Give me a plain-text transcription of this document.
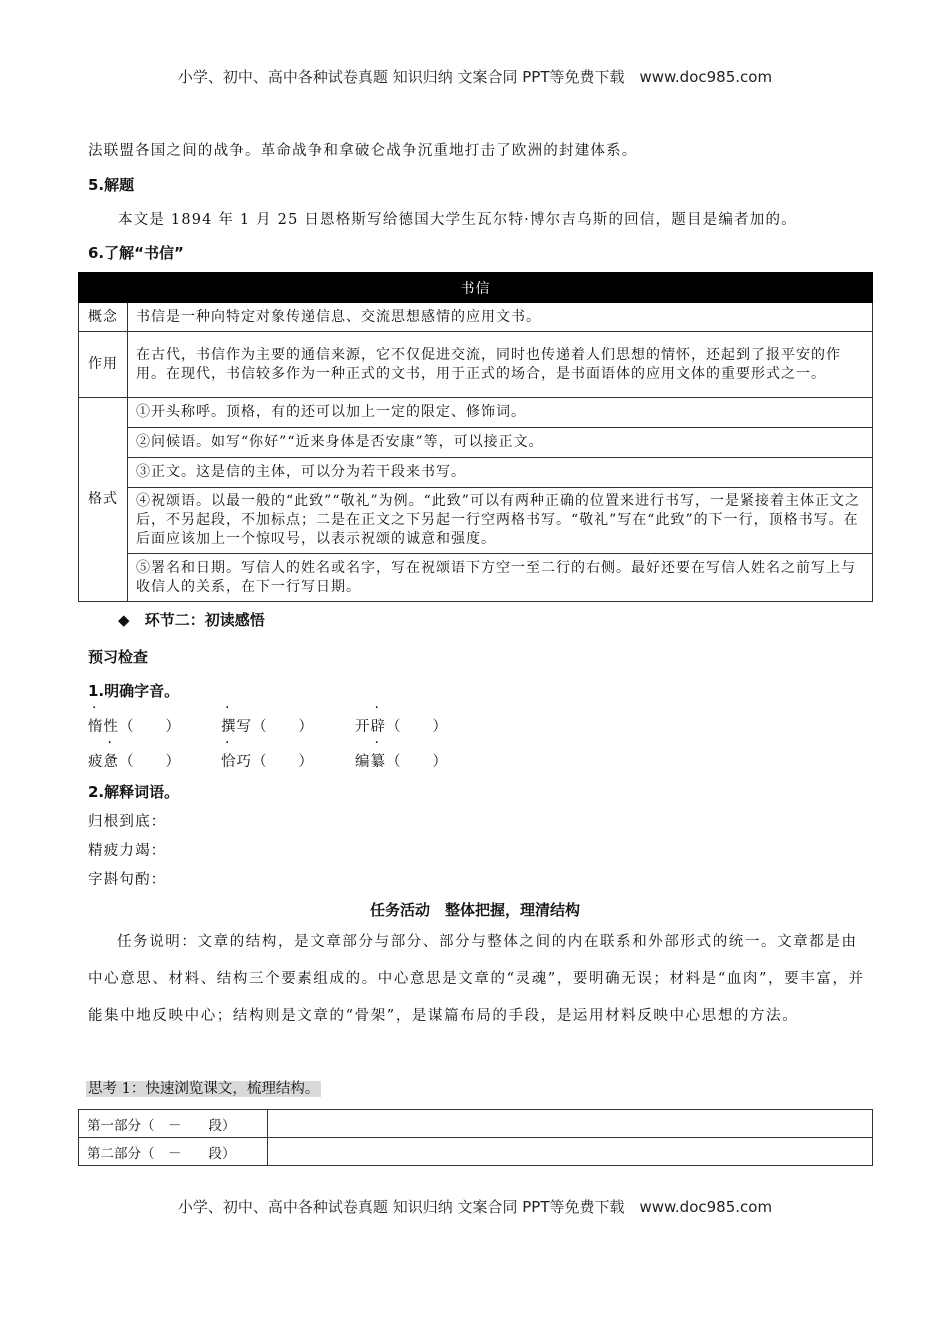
小学、初中、高中各种试卷真题 知识归纳 文案合同 PPT等免费下载　www.doc985.com
法联盟各国之间的战争。革命战争和拿破仑战争沉重地打击了欧洲的封建体系。
5.解题
本文是 1894 年 1 月 25 日恩格斯写给德国大学生瓦尔特·博尔吉乌斯的回信，题目是编者加的。
6.了解“书信”
书信	
概念	书信是一种向特定对象传递信息、交流思想感情的应用文书。
作用	在古代，书信作为主要的通信来源，它不仅促进交流，同时也传递着人们思想的情怀，还起到了报平安的作用。在现代，书信较多作为一种正式的文书，用于正式的场合，是书面语体的应用文体的重要形式之一。
格式	①开头称呼。顶格，有的还可以加上一定的限定、修饰词。
	②问候语。如写“你好”“近来身体是否安康”等，可以接正文。
	③正文。这是信的主体，可以分为若干段来书写。
	④祝颂语。以最一般的“此致”“敬礼”为例。“此致”可以有两种正确的位置来进行书写，一是紧接着主体正文之后，不另起段，不加标点；二是在正文之下另起一行空两格书写。“敬礼”写在“此致”的下一行，顶格书写。在后面应该加上一个惊叹号，以表示祝颂的诚意和强度。
	⑤署名和日期。写信人的姓名或名字，写在祝颂语下方空一至二行的右侧。最好还要在写信人姓名之前写上与收信人的关系，在下一行写日期。
◆ 环节二：初读感悟
预习检查
1.明确字音。
惰性（　　）	撰写（　　）	开辟（　　）
疲惫（　　）	恰巧（　　）	编纂（　　）
2.解释词语。
归根到底：
精疲力竭：
字斟句酌：
任务活动　整体把握，理清结构
任务说明：文章的结构，是文章部分与部分、部分与整体之间的内在联系和外部形式的统一。文章都是由中心意思、材料、结构三个要素组成的。中心意思是文章的“灵魂”，要明确无误；材料是“血肉”，要丰富，并能集中地反映中心；结构则是文章的“骨架”，是谋篇布局的手段，是运用材料反映中心思想的方法。
思考 1：快速浏览课文，梳理结构。
第一部分（　－　　段）	
第二部分（　－　　段）	
小学、初中、高中各种试卷真题 知识归纳 文案合同 PPT等免费下载　www.doc985.com
